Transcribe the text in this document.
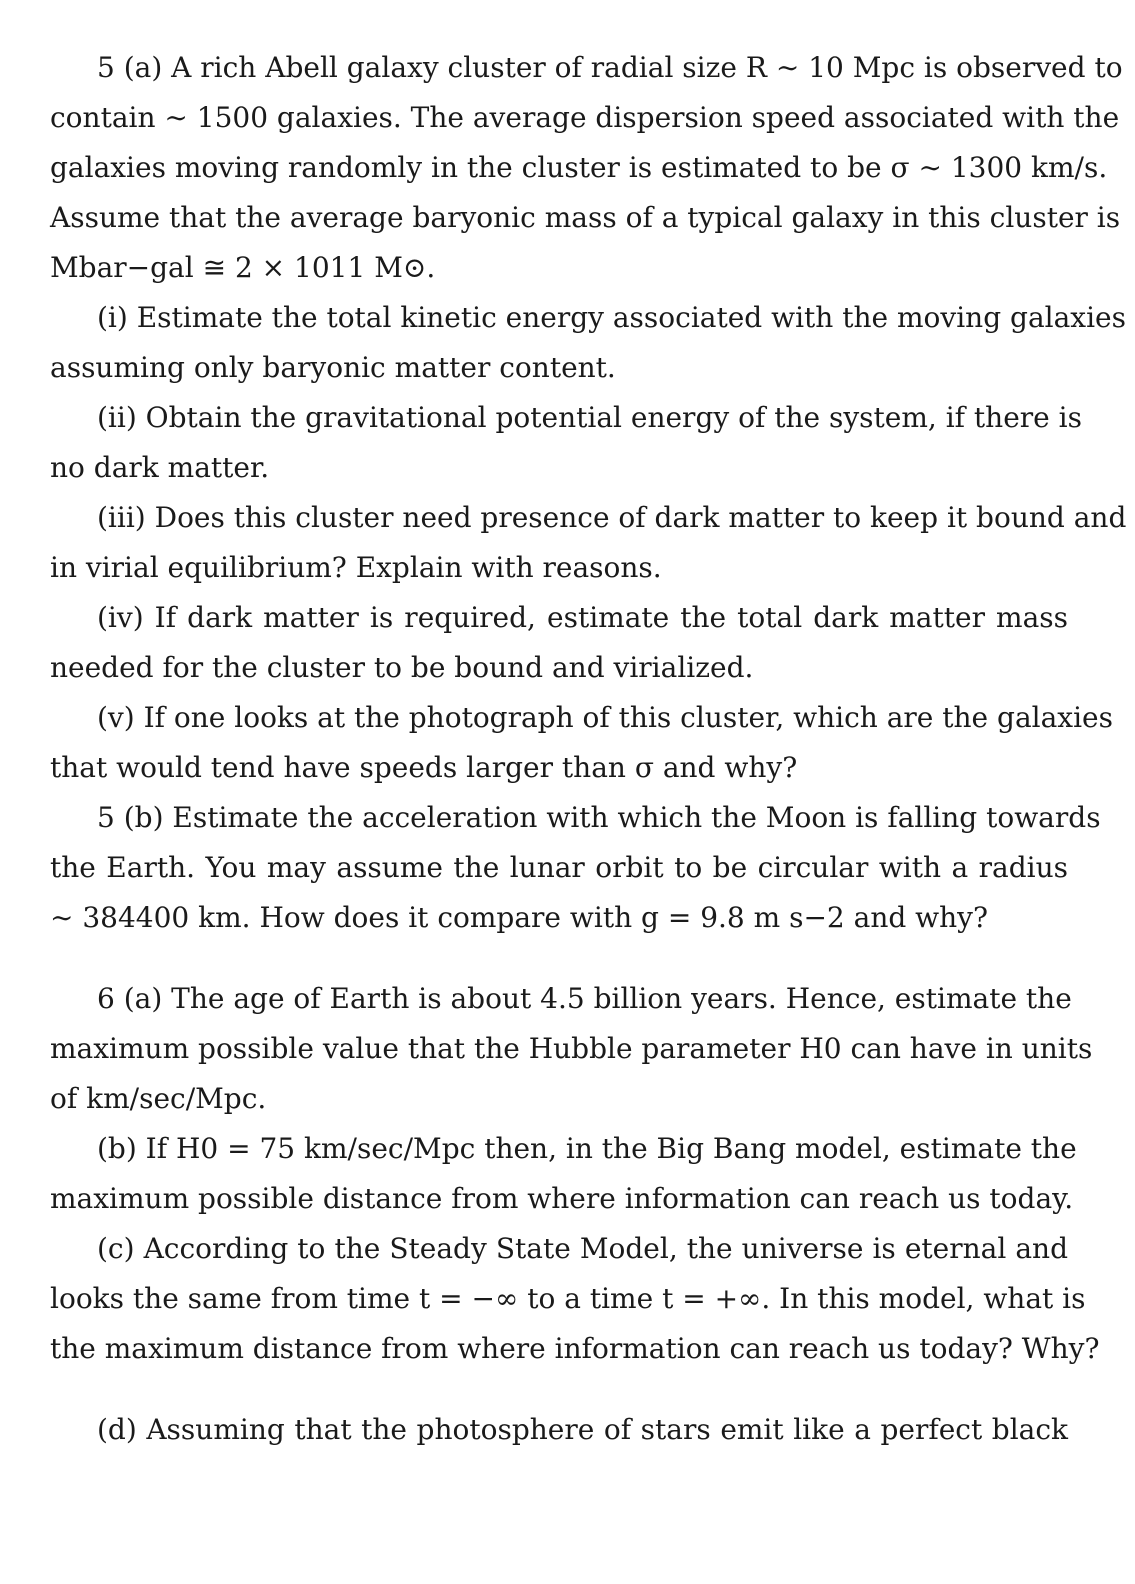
5 (a) A rich Abell galaxy cluster of radial size R ∼ 10 Mpc is observed to
contain ∼ 1500 galaxies. The average dispersion speed associated with the
galaxies moving randomly in the cluster is estimated to be σ ∼ 1300 km/s.
Assume that the average baryonic mass of a typical galaxy in this cluster is
Mbar−gal ≅ 2 × 1011 M⊙.
(i) Estimate the total kinetic energy associated with the moving galaxies
assuming only baryonic matter content.
(ii) Obtain the gravitational potential energy of the system, if there is
no dark matter.
(iii) Does this cluster need presence of dark matter to keep it bound and
in virial equilibrium? Explain with reasons.
(iv) If dark matter is required, estimate the total dark matter mass
needed for the cluster to be bound and virialized.
(v) If one looks at the photograph of this cluster, which are the galaxies
that would tend have speeds larger than σ and why?
5 (b) Estimate the acceleration with which the Moon is falling towards
the Earth. You may assume the lunar orbit to be circular with a radius
∼ 384400 km. How does it compare with g = 9.8 m s−2 and why?
6 (a) The age of Earth is about 4.5 billion years. Hence, estimate the
maximum possible value that the Hubble parameter H0 can have in units
of km/sec/Mpc.
(b) If H0 = 75 km/sec/Mpc then, in the Big Bang model, estimate the
maximum possible distance from where information can reach us today.
(c) According to the Steady State Model, the universe is eternal and
looks the same from time t = −∞ to a time t = +∞. In this model, what is
the maximum distance from where information can reach us today? Why?
(d) Assuming that the photosphere of stars emit like a perfect black
